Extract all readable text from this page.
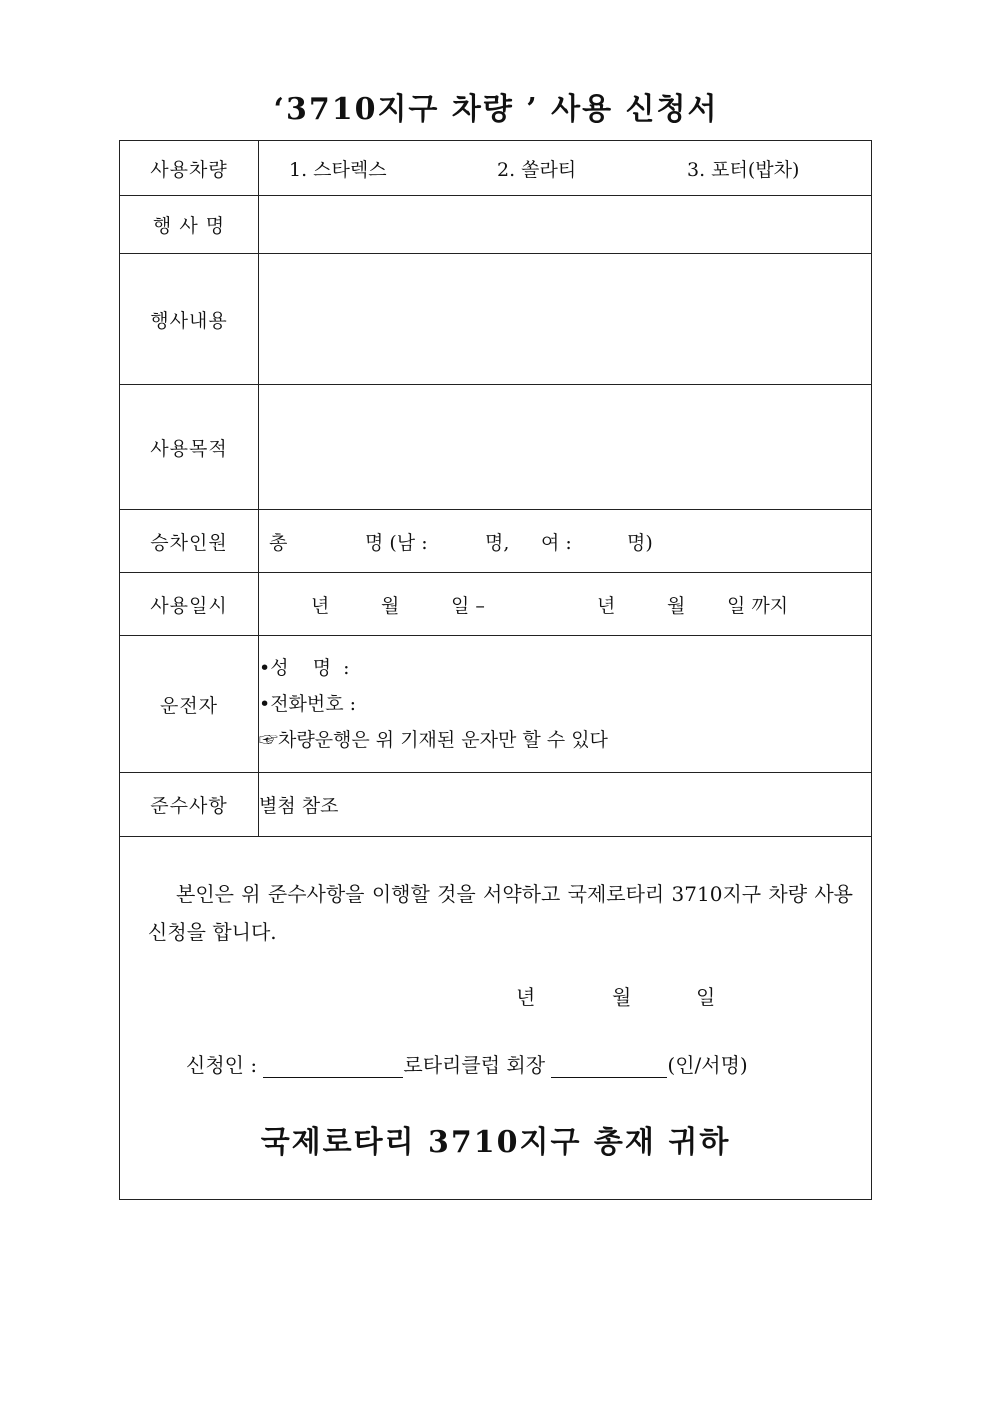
‘3710지구 차량 ’ 사용 신청서
사용차량	1. 스타렉스 2. 쏠라티 3. 포터(밥차)

행 사 명	
행사내용	
사용목적	
승차인원	총 명 (남 : 명, 여 : 명)
사용일시	년 월 일 – 년 월 일 까지
운전자	•성    명  :
•전화번호 :
☞차량운행은 위 기재된 운자만 할 수 있다

준수사항	별첨 참조

본인은 위 준수사항을 이행할 것을 서약하고 국제로타리 3710지구 차량 사용신청을 합니다.
년 월 일
신청인 : 로타리클럽 회장 (인/서명)
국제로타리 3710지구 총재 귀하	
